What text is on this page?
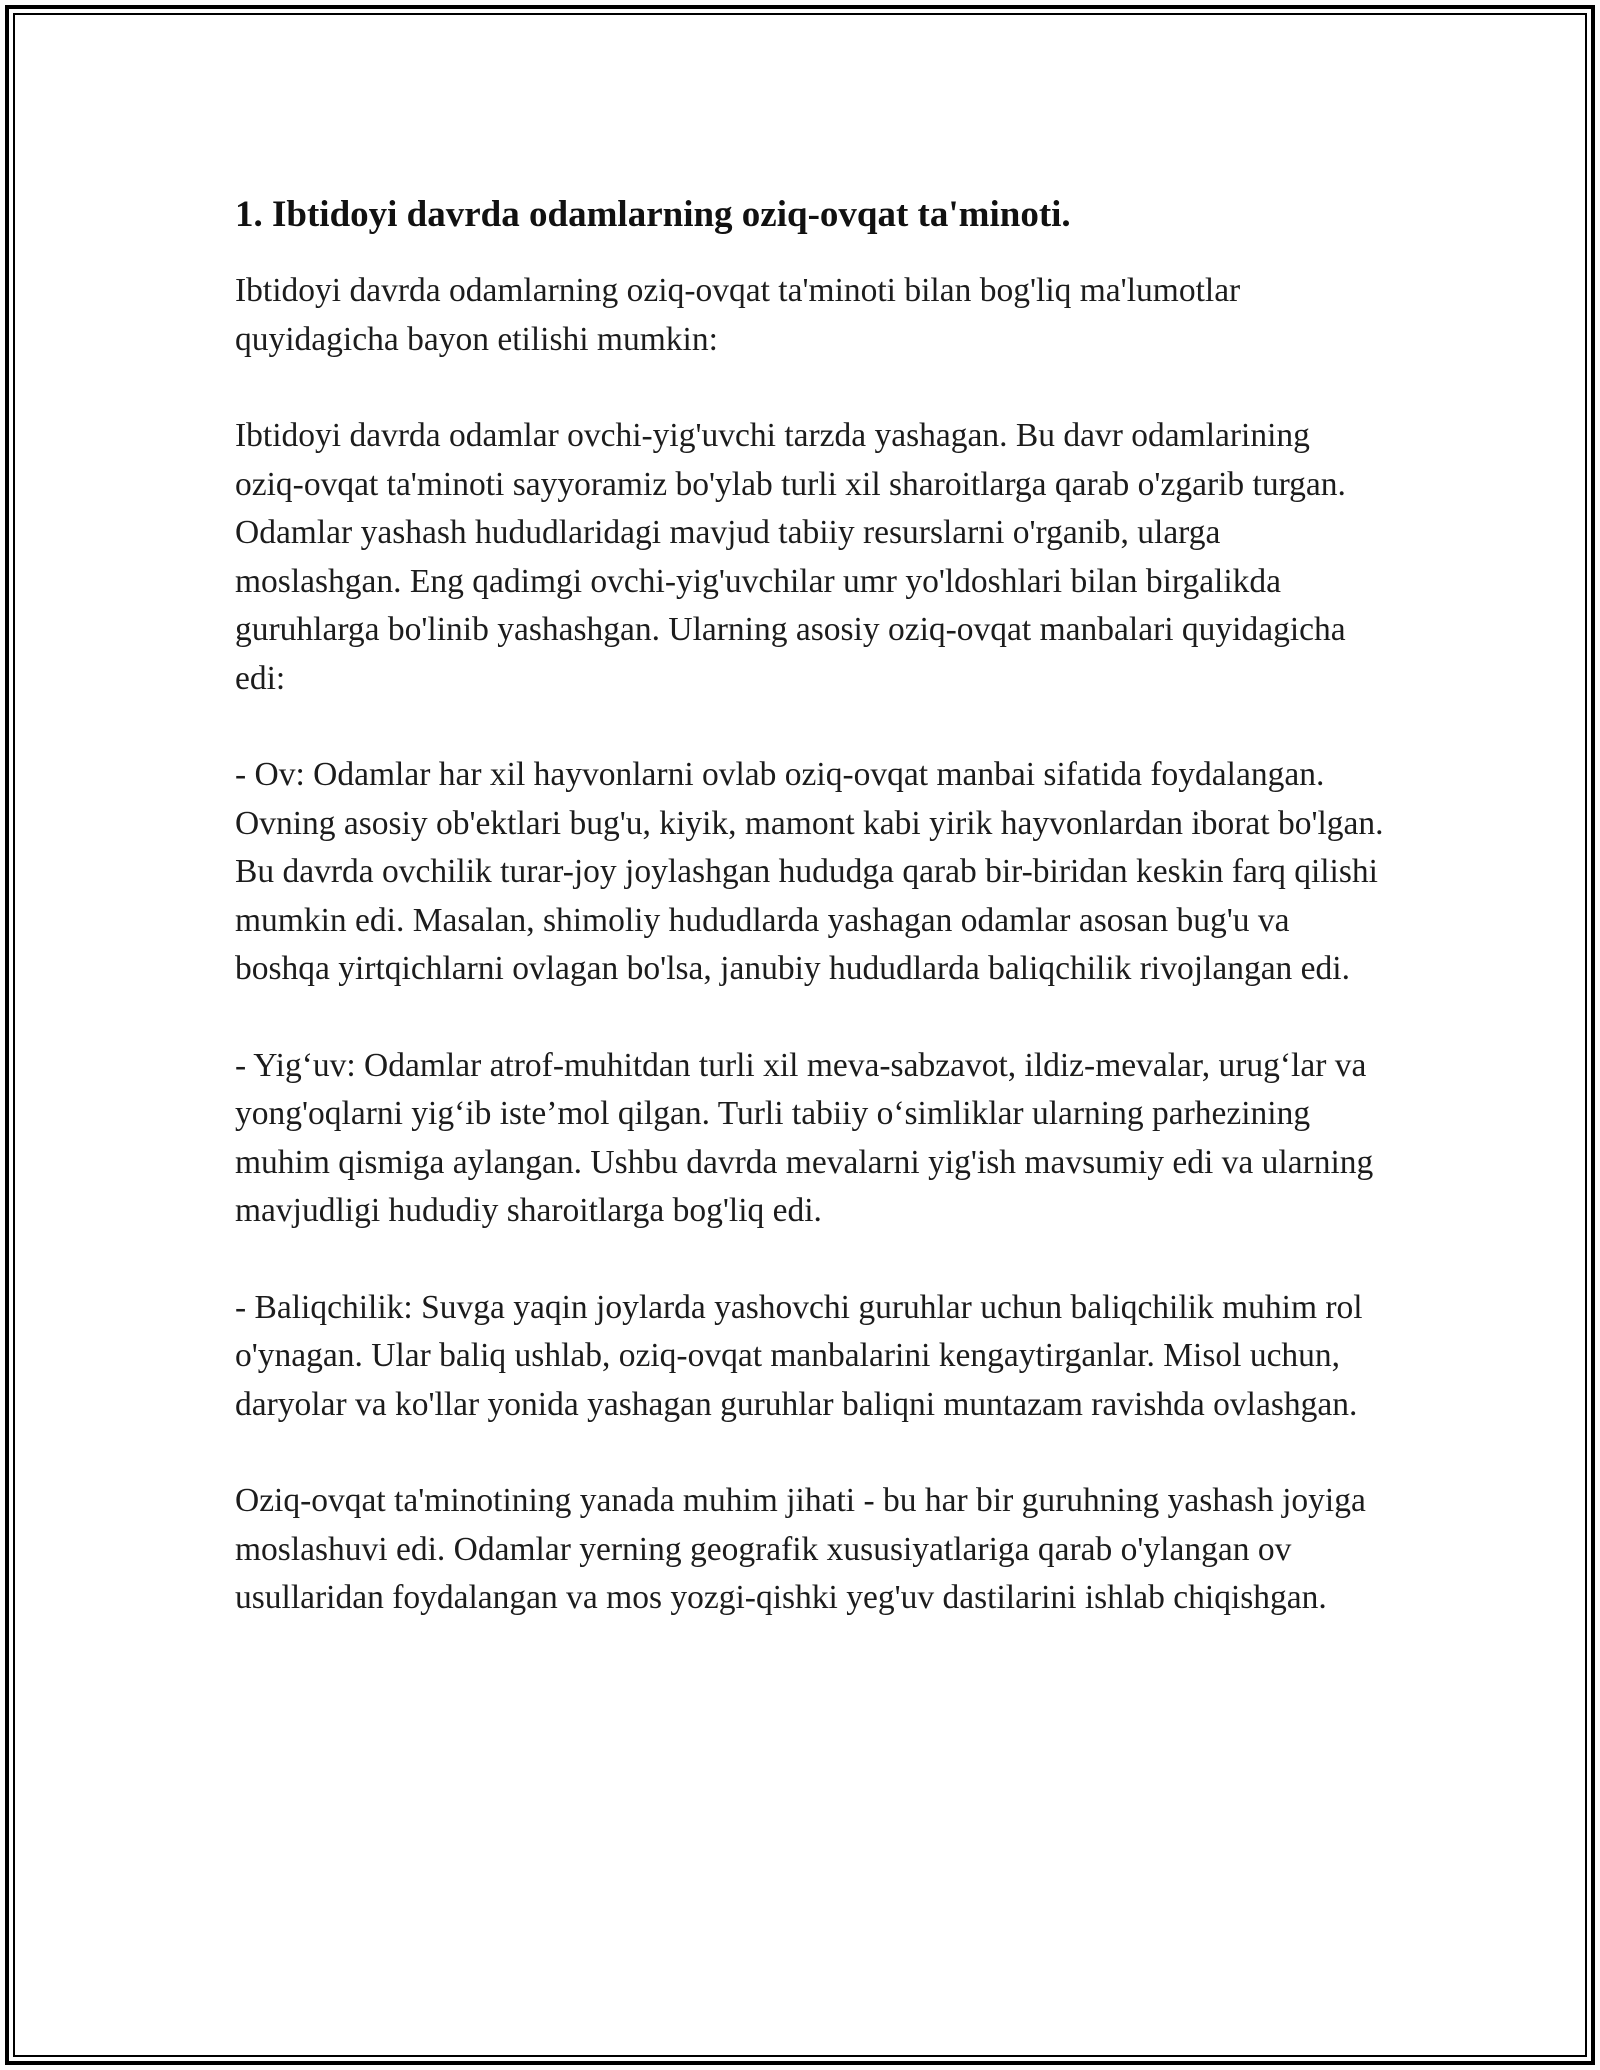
1. Ibtidoyi davrda odamlarning oziq-ovqat ta'minoti.

Ibtidoyi davrda odamlarning oziq-ovqat ta'minoti bilan bog'liq ma'lumotlar quyidagicha bayon etilishi mumkin:

Ibtidoyi davrda odamlar ovchi-yig'uvchi tarzda yashagan. Bu davr odamlarining oziq-ovqat ta'minoti sayyoramiz bo'ylab turli xil sharoitlarga qarab o'zgarib turgan. Odamlar yashash hududlaridagi mavjud tabiiy resurslarni o'rganib, ularga moslashgan. Eng qadimgi ovchi-yig'uvchilar umr yo'ldoshlari bilan birgalikda guruhlarga bo'linib yashashgan. Ularning asosiy oziq-ovqat manbalari quyidagicha edi:

- Ov: Odamlar har xil hayvonlarni ovlab oziq-ovqat manbai sifatida foydalangan. Ovning asosiy ob'ektlari bug'u, kiyik, mamont kabi yirik hayvonlardan iborat bo'lgan. Bu davrda ovchilik turar-joy joylashgan hududga qarab bir-biridan keskin farq qilishi mumkin edi. Masalan, shimoliy hududlarda yashagan odamlar asosan bug'u va boshqa yirtqichlarni ovlagan bo'lsa, janubiy hududlarda baliqchilik rivojlangan edi.

- Yig‘uv: Odamlar atrof-muhitdan turli xil meva-sabzavot, ildiz-mevalar, urug‘lar va yong'oqlarni yig‘ib iste’mol qilgan. Turli tabiiy o‘simliklar ularning parhezining muhim qismiga aylangan. Ushbu davrda mevalarni yig'ish mavsumiy edi va ularning mavjudligi hududiy sharoitlarga bog'liq edi.

- Baliqchilik: Suvga yaqin joylarda yashovchi guruhlar uchun baliqchilik muhim rol o'ynagan. Ular baliq ushlab, oziq-ovqat manbalarini kengaytirganlar. Misol uchun, daryolar va ko'llar yonida yashagan guruhlar baliqni muntazam ravishda ovlashgan.

Oziq-ovqat ta'minotining yanada muhim jihati - bu har bir guruhning yashash joyiga moslashuvi edi. Odamlar yerning geografik xususiyatlariga qarab o'ylangan ov usullaridan foydalangan va mos yozgi-qishki yeg'uv dastilarini ishlab chiqishgan.
